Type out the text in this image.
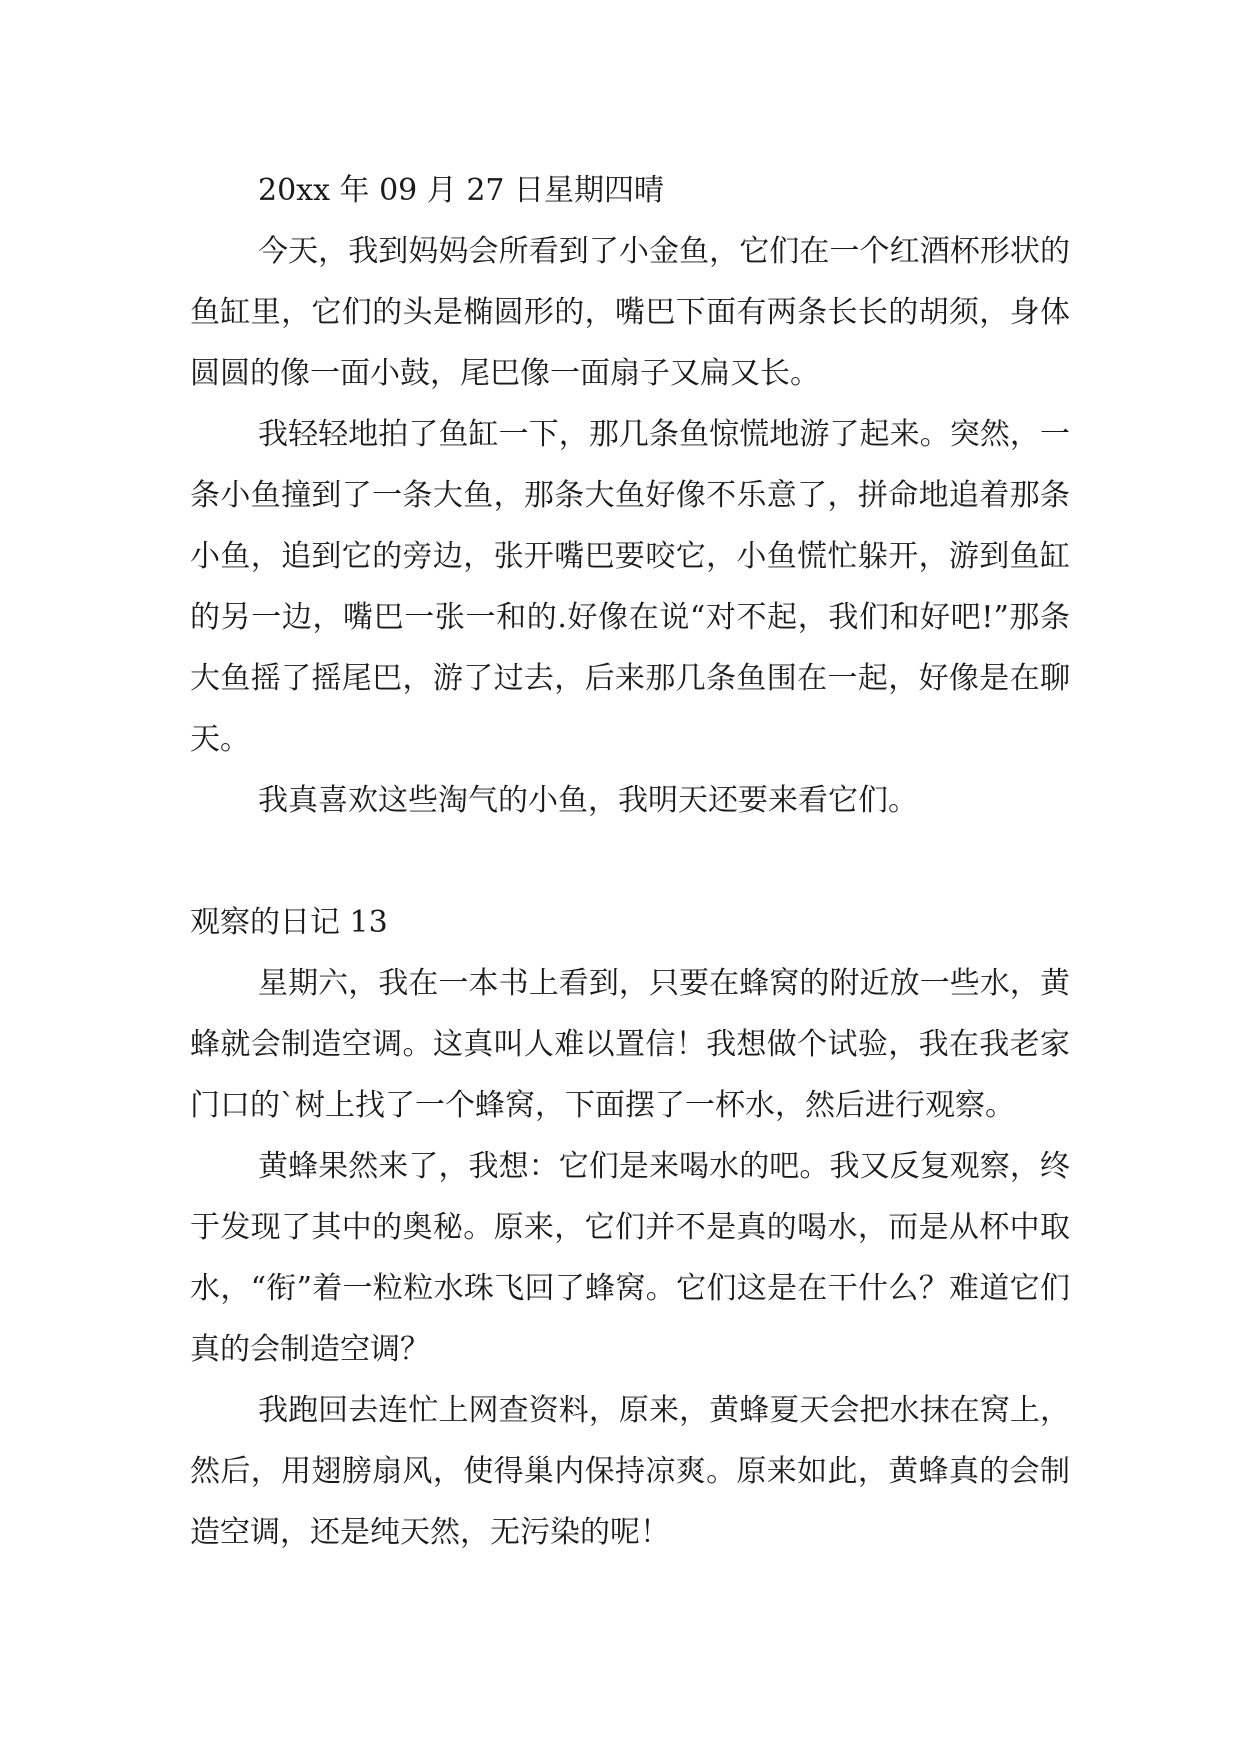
20xx 年 09 月 27 日星期四晴

今天，我到妈妈会所看到了小金鱼，它们在一个红酒杯形状的鱼缸里，它们的头是椭圆形的，嘴巴下面有两条长长的胡须，身体圆圆的像一面小鼓，尾巴像一面扇子又扁又长。

我轻轻地拍了鱼缸一下，那几条鱼惊慌地游了起来。突然，一条小鱼撞到了一条大鱼，那条大鱼好像不乐意了，拼命地追着那条小鱼，追到它的旁边，张开嘴巴要咬它，小鱼慌忙躲开，游到鱼缸的另一边，嘴巴一张一和的.好像在说“对不起，我们和好吧!”那条大鱼摇了摇尾巴，游了过去，后来那几条鱼围在一起，好像是在聊天。

我真喜欢这些淘气的小鱼，我明天还要来看它们。

观察的日记 13

星期六，我在一本书上看到，只要在蜂窝的附近放一些水，黄蜂就会制造空调。这真叫人难以置信！我想做个试验，我在我老家门口的`树上找了一个蜂窝，下面摆了一杯水，然后进行观察。

黄蜂果然来了，我想：它们是来喝水的吧。我又反复观察，终于发现了其中的奥秘。原来，它们并不是真的喝水，而是从杯中取水，“衔”着一粒粒水珠飞回了蜂窝。它们这是在干什么？难道它们真的会制造空调？

我跑回去连忙上网查资料，原来，黄蜂夏天会把水抹在窝上，然后，用翅膀扇风，使得巢内保持凉爽。原来如此，黄蜂真的会制造空调，还是纯天然，无污染的呢！
